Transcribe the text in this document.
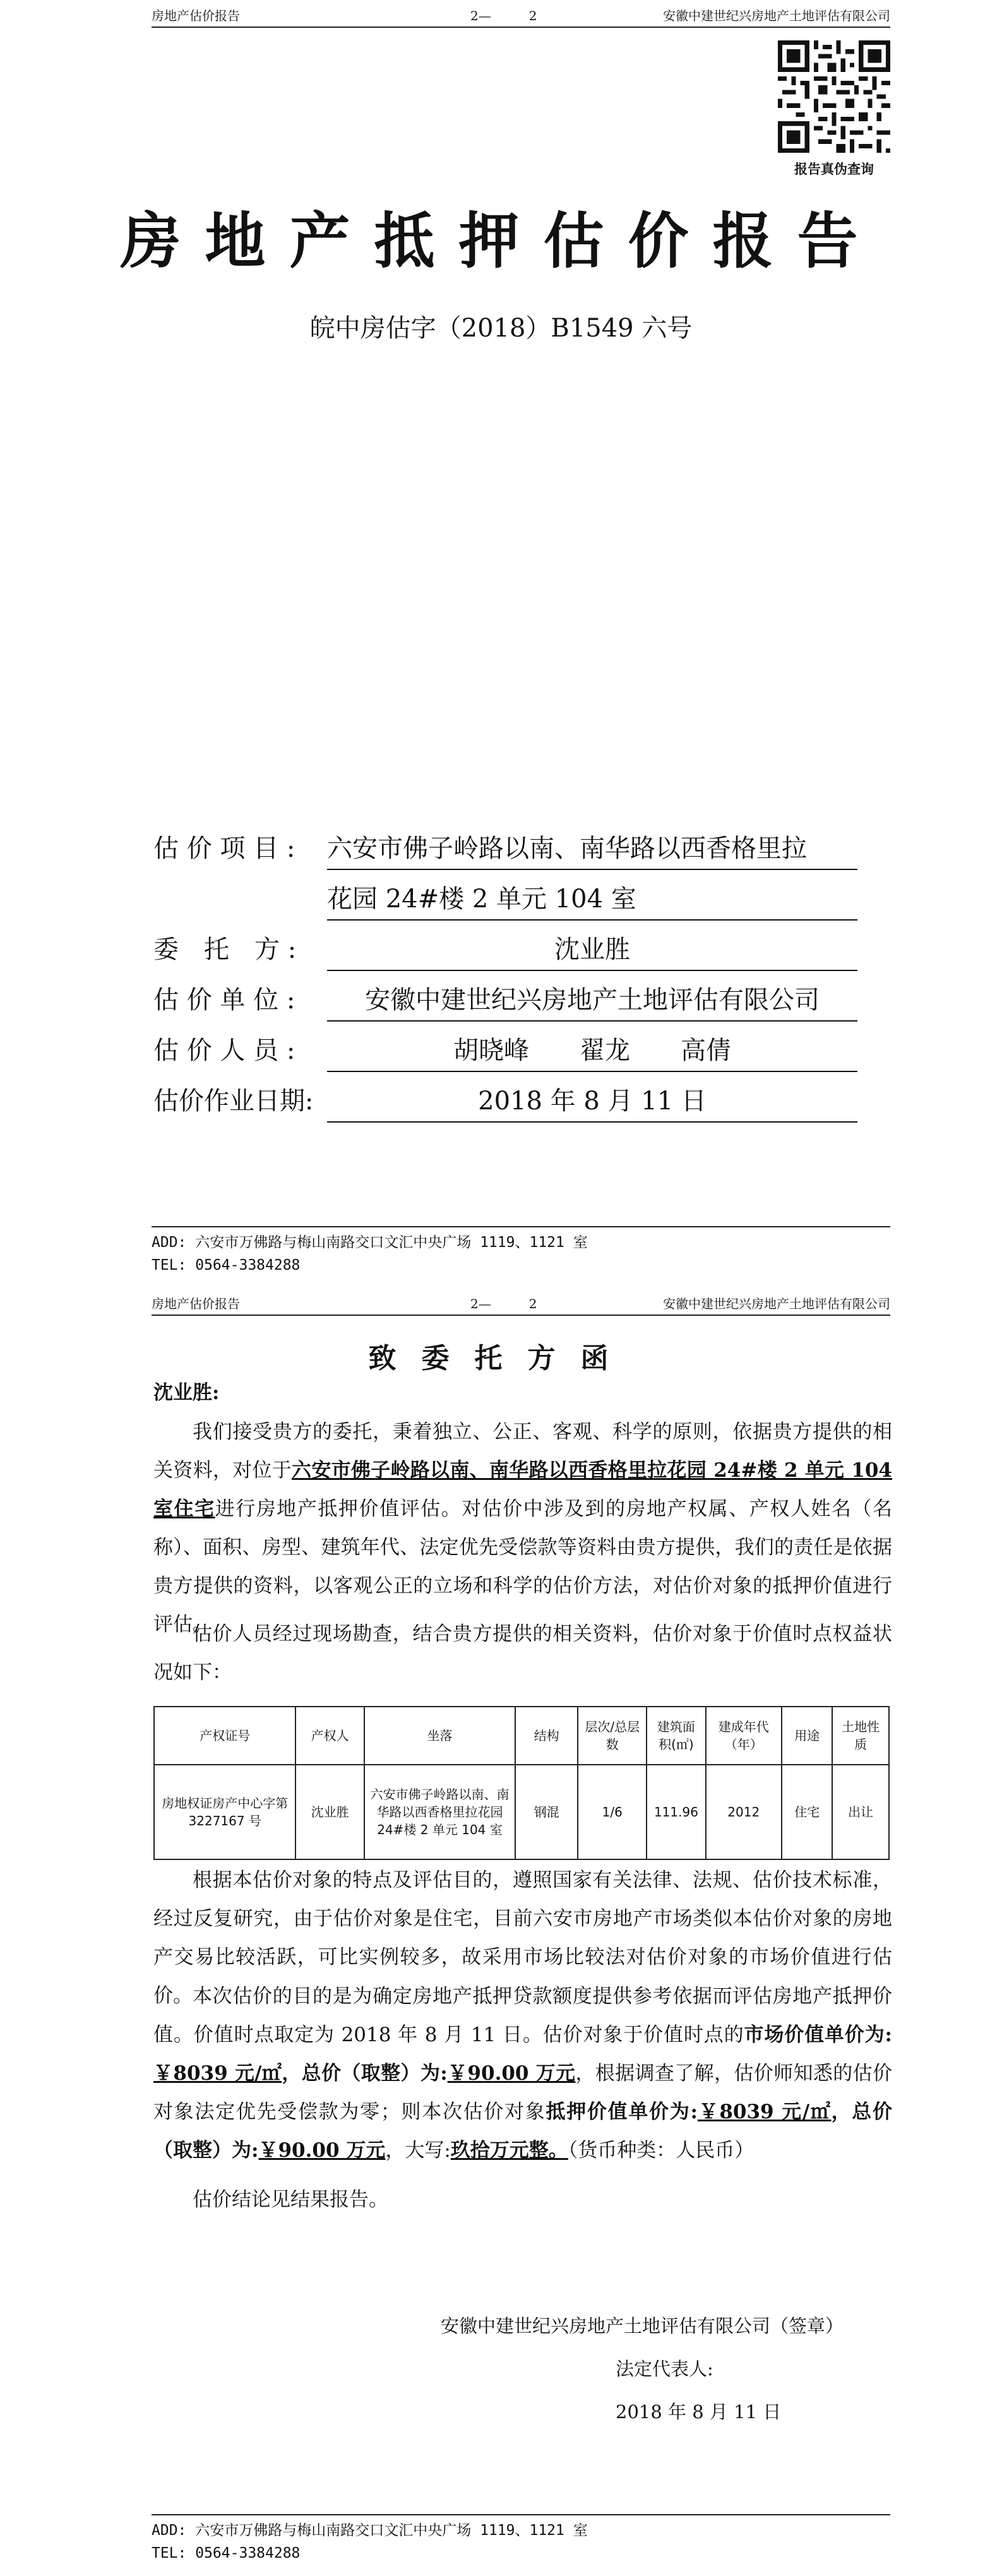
房地产估价报告	2—　　　2	安徽中建世纪兴房地产土地评估有限公司
报告真伪查询
房地产抵押估价报告
皖中房估字（2018）B1549 六号
估 价 项 目 : 六安市佛子岭路以南、南华路以西香格里拉
花园 24#楼 2 单元 104 室
委　托　方 :	沈业胜
估 价 单 位 :	安徽中建世纪兴房地产土地评估有限公司
估 价 人 员 :	胡晓峰　　翟龙　　高倩
估价作业日期:	2018 年 8 月 11 日
ADD: 六安市万佛路与梅山南路交口文汇中央广场 1119、1121 室
TEL: 0564-3384288
房地产估价报告	2—　　　2	安徽中建世纪兴房地产土地评估有限公司
致委托方函
沈业胜:

我们接受贵方的委托，秉着独立、公正、客观、科学的原则，依据贵方提供的相关资料，对位于六安市佛子岭路以南、南华路以西香格里拉花园 24#楼 2 单元 104 室住宅进行房地产抵押价值评估。对估价中涉及到的房地产权属、产权人姓名（名称）、面积、房型、建筑年代、法定优先受偿款等资料由贵方提供，我们的责任是依据贵方提供的资料，以客观公正的立场和科学的估价方法，对估价对象的抵押价值进行评估。

估价人员经过现场勘查，结合贵方提供的相关资料，估价对象于价值时点权益状况如下：

产权证号	产权人	坐落	结构	层次/总层数	建筑面积(㎡)	建成年代（年）	用途	土地性质
房地权证房产中心字第 3227167 号	沈业胜	六安市佛子岭路以南、南华路以西香格里拉花园 24#楼 2 单元 104 室	钢混	1/6	111.96	2012	住宅	出让

根据本估价对象的特点及评估目的，遵照国家有关法律、法规、估价技术标准，经过反复研究，由于估价对象是住宅，目前六安市房地产市场类似本估价对象的房地产交易比较活跃，可比实例较多，故采用市场比较法对估价对象的市场价值进行估价。 本次估价的目的是为确定房地产抵押贷款额度提供参考依据而评估房地产抵押价值。价值时点取定为 2018 年 8 月 11 日。估价对象于价值时点的市场价值单价为:￥8039 元/㎡，总价（取整）为:￥90.00 万元，根据调查了解，估价师知悉的估价对象法定优先受偿款为零；则本次估价对象抵押价值单价为:￥8039 元/㎡，总价（取整）为:￥90.00 万元，大写:玖拾万元整。（货币种类：人民币）

估价结论见结果报告。

安徽中建世纪兴房地产土地评估有限公司（签章）
法定代表人:
2018 年 8 月 11 日
ADD: 六安市万佛路与梅山南路交口文汇中央广场 1119、1121 室
TEL: 0564-3384288
